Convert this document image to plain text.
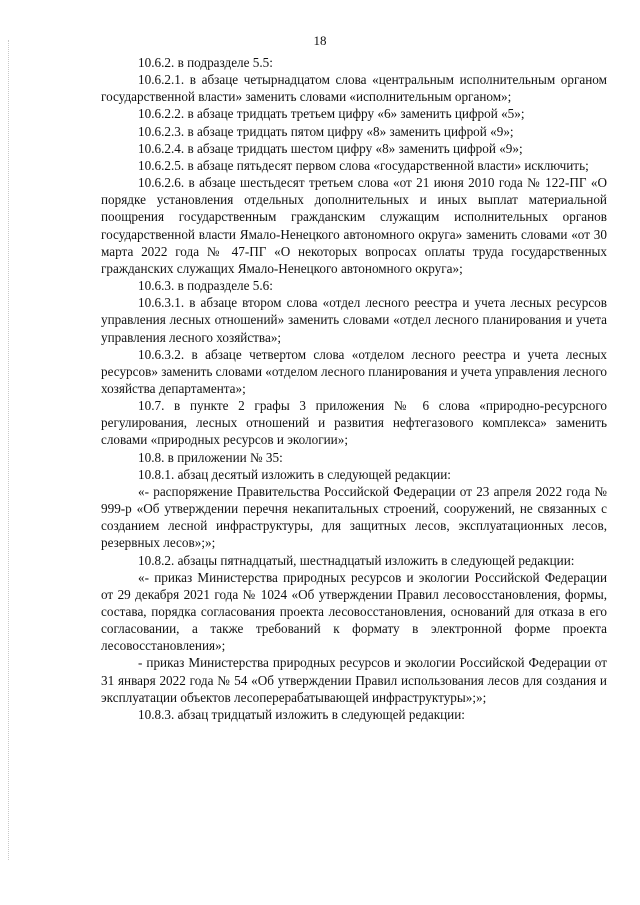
18

10.6.2. в подразделе 5.5:

10.6.2.1. в абзаце четырнадцатом слова «центральным исполнительным органом государственной власти» заменить словами «исполнительным органом»;

10.6.2.2. в абзаце тридцать третьем цифру «6» заменить цифрой «5»;

10.6.2.3. в абзаце тридцать пятом цифру «8» заменить цифрой «9»;

10.6.2.4. в абзаце тридцать шестом цифру «8» заменить цифрой «9»;

10.6.2.5. в абзаце пятьдесят первом слова «государственной власти» исключить;

10.6.2.6. в абзаце шестьдесят третьем слова «от 21 июня 2010 года № 122-ПГ «О порядке установления отдельных дополнительных и иных выплат материальной поощрения государственным гражданским служащим исполнительных органов государственной власти Ямало-Ненецкого автономного округа» заменить словами «от 30 марта 2022 года № 47-ПГ «О некоторых вопросах оплаты труда государственных гражданских служащих Ямало-Ненецкого автономного округа»;

10.6.3. в подразделе 5.6:

10.6.3.1. в абзаце втором слова «отдел лесного реестра и учета лесных ресурсов управления лесных отношений» заменить словами «отдел лесного планирования и учета управления лесного хозяйства»;

10.6.3.2. в абзаце четвертом слова «отделом лесного реестра и учета лесных ресурсов» заменить словами «отделом лесного планирования и учета управления лесного хозяйства департамента»;

10.7. в пункте 2 графы 3 приложения № 6 слова «природно-ресурсного регулирования, лесных отношений и развития нефтегазового комплекса» заменить словами «природных ресурсов и экологии»;

10.8. в приложении № 35:

10.8.1. абзац десятый изложить в следующей редакции:

«- распоряжение Правительства Российской Федерации от 23 апреля 2022 года № 999-р «Об утверждении перечня некапитальных строений, сооружений, не связанных с созданием лесной инфраструктуры, для защитных лесов, эксплуатационных лесов, резервных лесов»;»;

10.8.2. абзацы пятнадцатый, шестнадцатый изложить в следующей редакции:

«- приказ Министерства природных ресурсов и экологии Российской Федерации от 29 декабря 2021 года № 1024 «Об утверждении Правил лесовосстановления, формы, состава, порядка согласования проекта лесовосстановления, оснований для отказа в его согласовании, а также требований к формату в электронной форме проекта лесовосстановления»;

- приказ Министерства природных ресурсов и экологии Российской Федерации от 31 января 2022 года № 54 «Об утверждении Правил использования лесов для создания и эксплуатации объектов лесоперерабатывающей инфраструктуры»;»;

10.8.3. абзац тридцатый изложить в следующей редакции:
